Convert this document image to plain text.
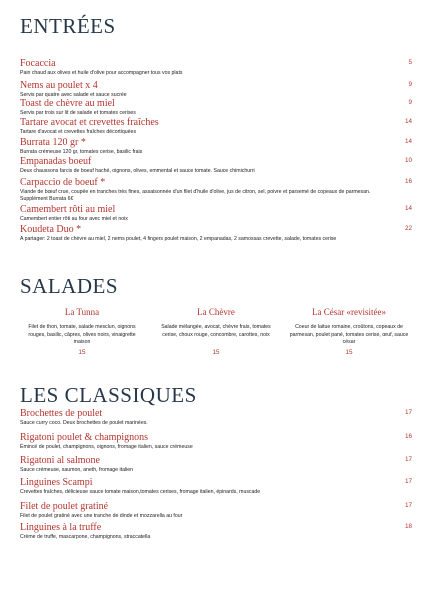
ENTRÉES
Focaccia	5
Pain chaud aux olives et huile d'olive pour accompagner tous vos plats
Nems au poulet x 4	9
Servis par quatre avec salade et sauce sucrée
Toast de chèvre au miel	9
Servis par trois sur lit de salade et tomates cerises
Tartare avocat et crevettes fraîches	14
Tartare d'avocat et crevettes fraîches décortiquées
Burrata 120 gr *	14
Burrata crémeuse 120 gr, tomates cerise, basilic frais
Empanadas boeuf	10
Deux chaussons farcis de boeuf haché, oignons, olives, emmental et sauce tomate. Sauce chimichurri
Carpaccio de boeuf *	16
Viande de bœuf crue, coupée en tranches très fines, assaisonnée d'un filet d'huile d'olive, jus de citron, sel, poivre et parsemé de copeaux de parmesan.
Supplément Burrata 6€
Camembert rôti au miel	14
Camembert entier rôti au four avec miel et noix
Koudeta Duo *	22
A partager: 2 toast de chèvre au miel, 2 nems poulet, 4 fingers poulet maison, 2 empanadas, 2 samossas crevette, salade, tomates cerise
SALADES
La Tunna
Filet de thon, tomate, salade mesclun, oignons rouges, basilic, câpres, olives noirs, vinaigrette maison
15
La Chèvre
Salade mélangée, avocat, chèvre frais, tomates cerise, choux rouge, concombre, carottes, noix
15
La César «revisitée»
Coeur de laitue romaine, croûtons, copeaux de parmesan, poulet pané, tomates cerise, œuf, sauce césar
15
LES CLASSIQUES
Brochettes de poulet	17
Sauce curry coco. Deux brochettes de poulet marinées.
Rigatoni poulet & champignons	16
Émincé de poulet, champignons, oignons, fromage italien, sauce crémeuse
Rigatoni al salmone	17
Sauce crémeuse, saumon, aneth, fromage italien
Linguines Scampi	17
Crevettes fraîches, délicieuse sauce tomate maison,tomates cerises, fromage italien, épinards, muscade
Filet de poulet gratiné	17
Filet de poulet gratiné avec une tranche de dinde et mozzarella au four
Linguines à la truffe	18
Crème de truffe, mascarpone, champignons, straccatella
